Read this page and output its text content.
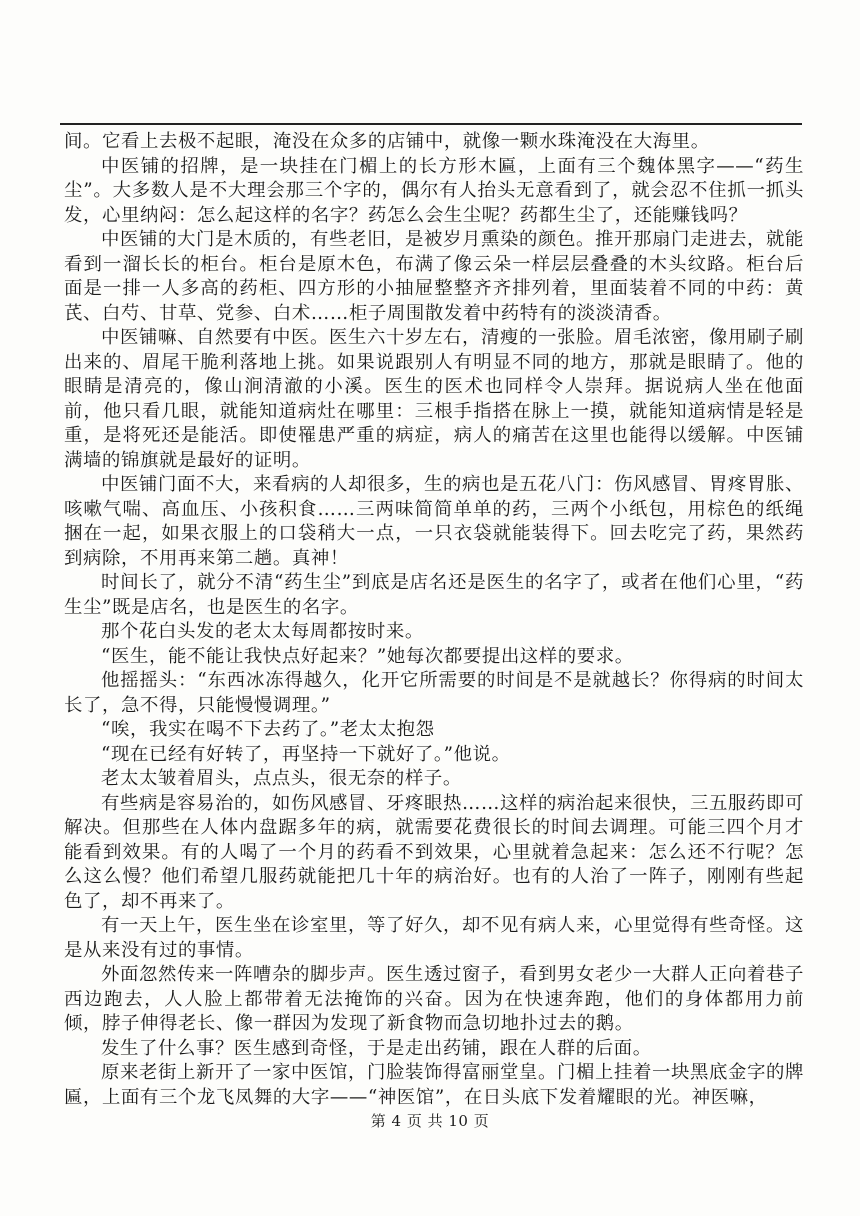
间。它看上去极不起眼，淹没在众多的店铺中，就像一颗水珠淹没在大海里。

中医铺的招牌，是一块挂在门楣上的长方形木匾，上面有三个魏体黑字——“药生尘”。大多数人是不大理会那三个字的，偶尔有人抬头无意看到了，就会忍不住抓一抓头发，心里纳闷：怎么起这样的名字？药怎么会生尘呢？药都生尘了，还能赚钱吗？

中医铺的大门是木质的，有些老旧，是被岁月熏染的颜色。推开那扇门走进去，就能看到一溜长长的柜台。柜台是原木色，布满了像云朵一样层层叠叠的木头纹路。柜台后面是一排一人多高的药柜、四方形的小抽屉整整齐齐排列着，里面装着不同的中药：黄芪、白芍、甘草、党参、白术……柜子周围散发着中药特有的淡淡清香。

中医铺嘛、自然要有中医。医生六十岁左右，清瘦的一张脸。眉毛浓密，像用刷子刷出来的、眉尾干脆利落地上挑。如果说跟别人有明显不同的地方，那就是眼睛了。他的眼睛是清亮的，像山涧清澈的小溪。医生的医术也同样令人崇拜。据说病人坐在他面前，他只看几眼，就能知道病灶在哪里：三根手指搭在脉上一摸，就能知道病情是轻是重，是将死还是能活。即使罹患严重的病症，病人的痛苦在这里也能得以缓解。中医铺满墙的锦旗就是最好的证明。

中医铺门面不大，来看病的人却很多，生的病也是五花八门：伤风感冒、胃疼胃胀、咳嗽气喘、高血压、小孩积食……三两味简简单单的药，三两个小纸包，用棕色的纸绳捆在一起，如果衣服上的口袋稍大一点，一只衣袋就能装得下。回去吃完了药，果然药到病除，不用再来第二趟。真神！

时间长了，就分不清“药生尘”到底是店名还是医生的名字了，或者在他们心里，“药生尘”既是店名，也是医生的名字。

那个花白头发的老太太每周都按时来。

“医生，能不能让我快点好起来？”她每次都要提出这样的要求。

他摇摇头：“东西冰冻得越久，化开它所需要的时间是不是就越长？你得病的时间太长了，急不得，只能慢慢调理。”

“唉，我实在喝不下去药了。”老太太抱怨

“现在已经有好转了，再坚持一下就好了。”他说。

老太太皱着眉头，点点头，很无奈的样子。

有些病是容易治的，如伤风感冒、牙疼眼热……这样的病治起来很快，三五服药即可解决。但那些在人体内盘踞多年的病，就需要花费很长的时间去调理。可能三四个月才能看到效果。有的人喝了一个月的药看不到效果，心里就着急起来：怎么还不行呢？怎么这么慢？他们希望几服药就能把几十年的病治好。也有的人治了一阵子，刚刚有些起色了，却不再来了。

有一天上午，医生坐在诊室里，等了好久，却不见有病人来，心里觉得有些奇怪。这是从来没有过的事情。

外面忽然传来一阵嘈杂的脚步声。医生透过窗子，看到男女老少一大群人正向着巷子西边跑去，人人脸上都带着无法掩饰的兴奋。因为在快速奔跑，他们的身体都用力前倾，脖子伸得老长、像一群因为发现了新食物而急切地扑过去的鹅。

发生了什么事？医生感到奇怪，于是走出药铺，跟在人群的后面。

原来老街上新开了一家中医馆，门脸装饰得富丽堂皇。门楣上挂着一块黑底金字的牌匾，上面有三个龙飞凤舞的大字——“神医馆”，在日头底下发着耀眼的光。神医嘛，

第 4 页 共 10 页
